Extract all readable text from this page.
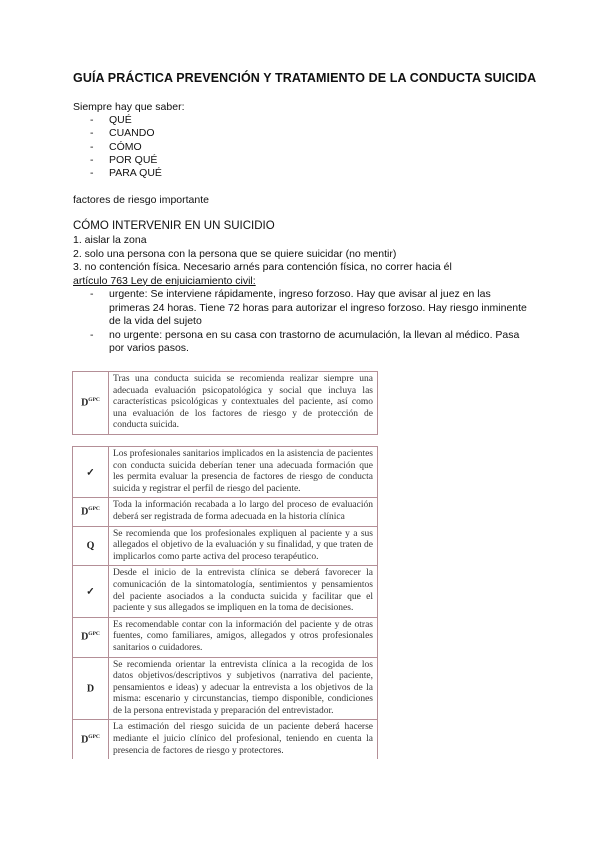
GUÍA PRÁCTICA PREVENCIÓN Y TRATAMIENTO DE LA CONDUCTA SUICIDA
Siempre hay que saber:
- QUÉ
- CUANDO
- CÓMO
- POR QUÉ
- PARA QUÉ
factores de riesgo importante
CÓMO INTERVENIR EN UN SUICIDIO
1. aislar la zona
2. solo una persona con la persona que se quiere suicidar (no mentir)
3. no contención física. Necesario arnés para contención física, no correr hacia él
artículo 763 Ley de enjuiciamiento civil:
- urgente: Se interviene rápidamente, ingreso forzoso. Hay que avisar al juez en las primeras 24 horas. Tiene 72 horas para autorizar el ingreso forzoso. Hay riesgo inminente de la vida del sujeto
- no urgente: persona en su casa con trastorno de acumulación, la llevan al médico. Pasa por varios pasos.
$D^{GPC}$	Tras una conducta suicida se recomienda realizar siempre una adecuada evaluación psicopatológica y social que incluya las características psicológicas y contextuales del paciente, así como una evaluación de los factores de riesgo y de protección de conducta suicida.
✓	Los profesionales sanitarios implicados en la asistencia de pacientes con conducta suicida deberían tener una adecuada formación que les permita evaluar la presencia de factores de riesgo de conducta suicida y registrar el perfil de riesgo del paciente.
$D^{GPC}$	Toda la información recabada a lo largo del proceso de evaluación deberá ser registrada de forma adecuada en la historia clínica
Q	Se recomienda que los profesionales expliquen al paciente y a sus allegados el objetivo de la evaluación y su finalidad, y que traten de implicarlos como parte activa del proceso terapéutico.
✓	Desde el inicio de la entrevista clínica se deberá favorecer la comunicación de la sintomatología, sentimientos y pensamientos del paciente asociados a la conducta suicida y facilitar que el paciente y sus allegados se impliquen en la toma de decisiones.
$D^{GPC}$	Es recomendable contar con la información del paciente y de otras fuentes, como familiares, amigos, allegados y otros profesionales sanitarios o cuidadores.
D	Se recomienda orientar la entrevista clínica a la recogida de los datos objetivos/descriptivos y subjetivos (narrativa del paciente, pensamientos e ideas) y adecuar la entrevista a los objetivos de la misma: escenario y circunstancias, tiempo disponible, condiciones de la persona entrevistada y preparación del entrevistador.
$D^{GPC}$	La estimación del riesgo suicida de un paciente deberá hacerse mediante el juicio clínico del profesional, teniendo en cuenta la presencia de factores de riesgo y protectores.
